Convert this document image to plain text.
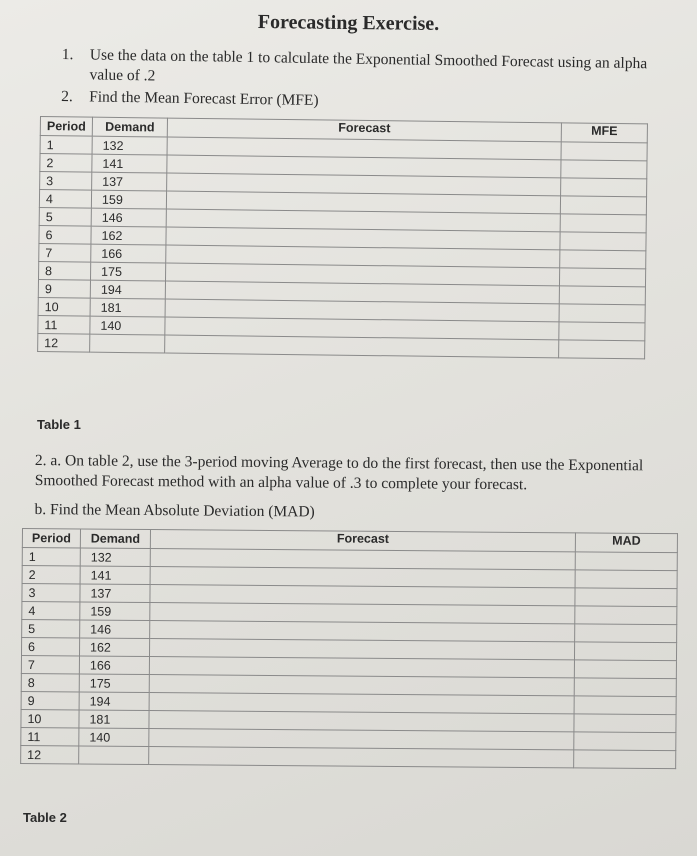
Forecasting Exercise.
1.	Use the data on the table 1 to calculate the Exponential Smoothed Forecast using an alpha value of .2
2.	Find the Mean Forecast Error (MFE)
Period	Demand	Forecast	MFE
1	132		
2	141		
3	137		
4	159		
5	146		
6	162		
7	166		
8	175		
9	194		
10	181		
11	140		
12			
Table 1
2. a. On table 2, use the 3-period moving Average to do the first forecast, then use the Exponential Smoothed Forecast method with an alpha value of .3 to complete your forecast.
b. Find the Mean Absolute Deviation (MAD)
Period	Demand	Forecast	MAD
1	132		
2	141		
3	137		
4	159		
5	146		
6	162		
7	166		
8	175		
9	194		
10	181		
11	140		
12			
Table 2
